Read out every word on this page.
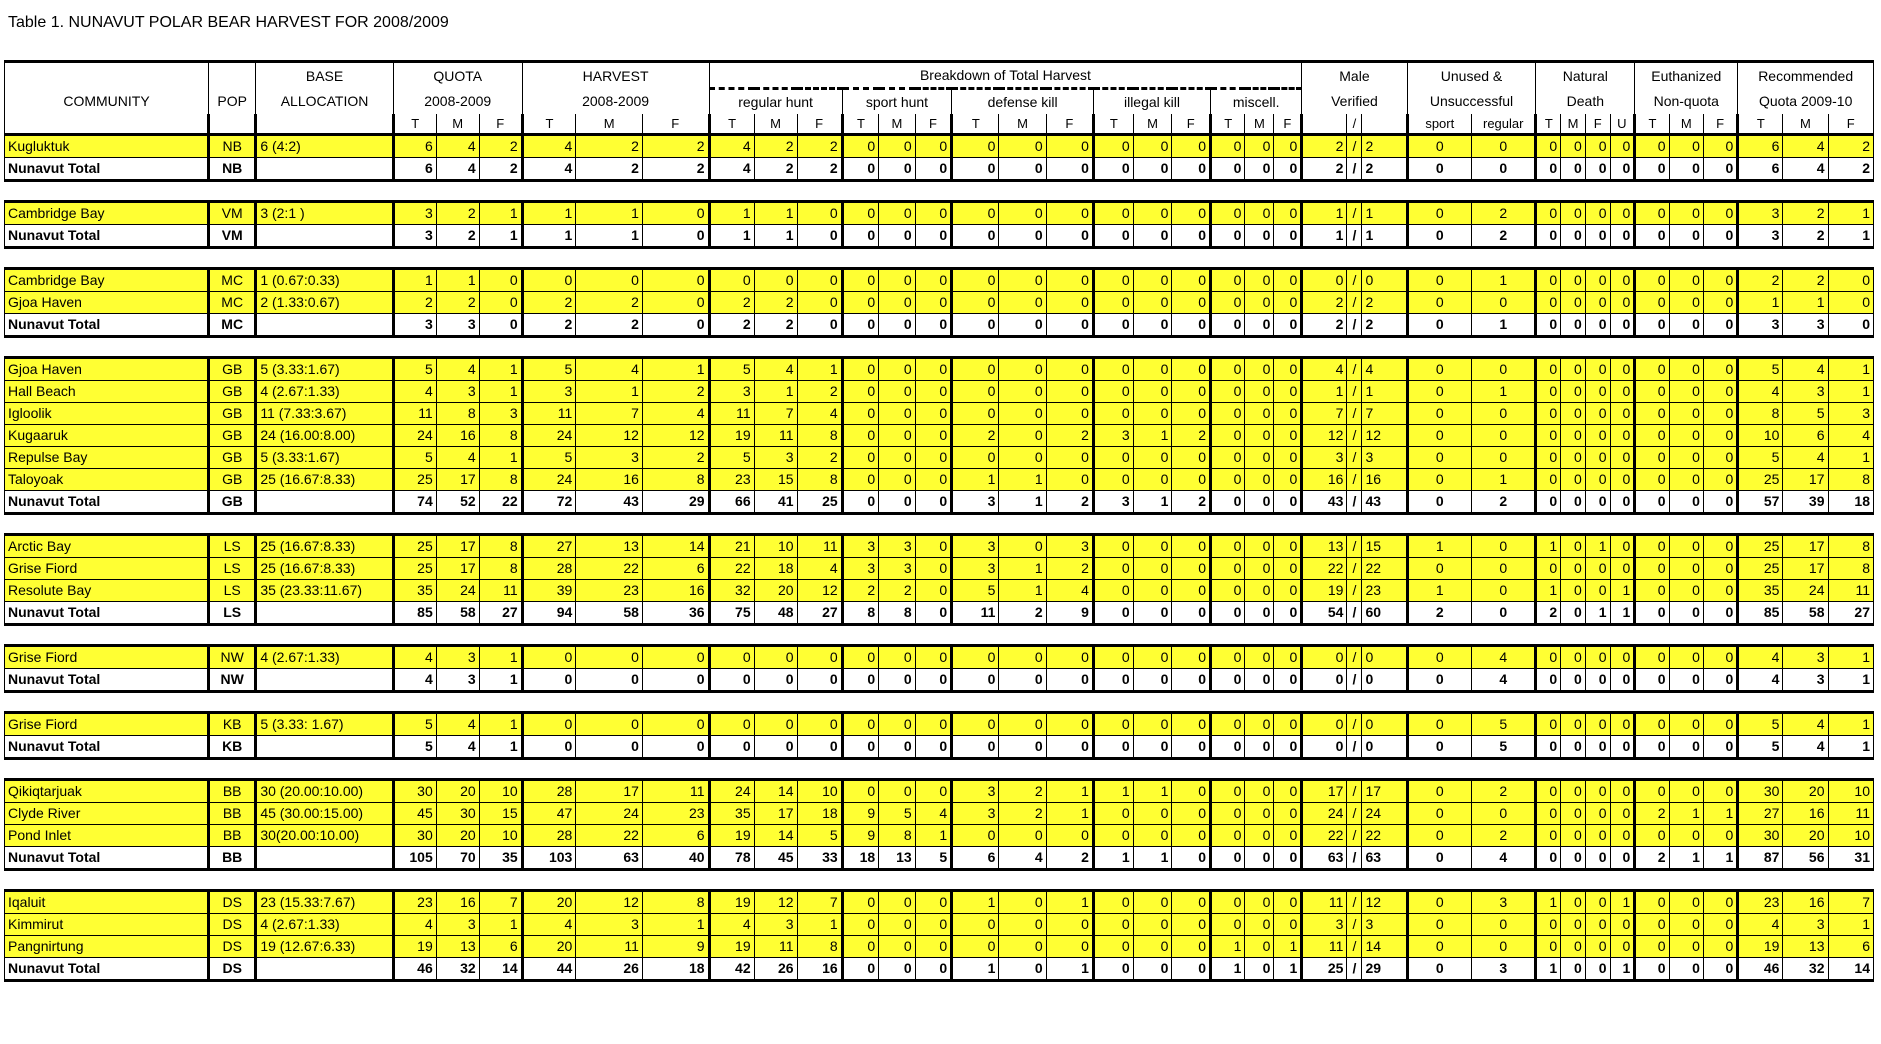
Table 1. NUNAVUT POLAR BEAR HARVEST FOR 2008/2009
		BASE	QUOTA			HARVEST			Breakdown of Total Harvest															Male			Unused &		Natural				Euthanized			Recommended		
COMMUNITY	POP	ALLOCATION	2008-2009			2008-2009			regular hunt			sport hunt			defense kill			illegal kill			miscell.			Verified			Unsuccessful		Death				Non-quota			Quota 2009-10		
			T	M	F	T	M	F	T	M	F	T	M	F	T	M	F	T	M	F	T	M	F		/		sport	regular	T	M	F	U	T	M	F	T	M	F
Kugluktuk	NB	6 (4:2)	6	4	2	4	2	2	4	2	2	0	0	0	0	0	0	0	0	0	0	0	0	2	/	2	0	0	0	0	0	0	0	0	0	6	4	2
Nunavut Total	NB		6	4	2	4	2	2	4	2	2	0	0	0	0	0	0	0	0	0	0	0	0	2	/	2	0	0	0	0	0	0	0	0	0	6	4	2

Cambridge Bay	VM	3 (2:1 )	3	2	1	1	1	0	1	1	0	0	0	0	0	0	0	0	0	0	0	0	0	1	/	1	0	2	0	0	0	0	0	0	0	3	2	1
Nunavut Total	VM		3	2	1	1	1	0	1	1	0	0	0	0	0	0	0	0	0	0	0	0	0	1	/	1	0	2	0	0	0	0	0	0	0	3	2	1

Cambridge Bay	MC	1 (0.67:0.33)	1	1	0	0	0	0	0	0	0	0	0	0	0	0	0	0	0	0	0	0	0	0	/	0	0	1	0	0	0	0	0	0	0	2	2	0
Gjoa Haven	MC	2 (1.33:0.67)	2	2	0	2	2	0	2	2	0	0	0	0	0	0	0	0	0	0	0	0	0	2	/	2	0	0	0	0	0	0	0	0	0	1	1	0
Nunavut Total	MC		3	3	0	2	2	0	2	2	0	0	0	0	0	0	0	0	0	0	0	0	0	2	/	2	0	1	0	0	0	0	0	0	0	3	3	0

Gjoa Haven	GB	5 (3.33:1.67)	5	4	1	5	4	1	5	4	1	0	0	0	0	0	0	0	0	0	0	0	0	4	/	4	0	0	0	0	0	0	0	0	0	5	4	1
Hall Beach	GB	4 (2.67:1.33)	4	3	1	3	1	2	3	1	2	0	0	0	0	0	0	0	0	0	0	0	0	1	/	1	0	1	0	0	0	0	0	0	0	4	3	1
Igloolik	GB	11 (7.33:3.67)	11	8	3	11	7	4	11	7	4	0	0	0	0	0	0	0	0	0	0	0	0	7	/	7	0	0	0	0	0	0	0	0	0	8	5	3
Kugaaruk	GB	24 (16.00:8.00)	24	16	8	24	12	12	19	11	8	0	0	0	2	0	2	3	1	2	0	0	0	12	/	12	0	0	0	0	0	0	0	0	0	10	6	4
Repulse Bay	GB	5 (3.33:1.67)	5	4	1	5	3	2	5	3	2	0	0	0	0	0	0	0	0	0	0	0	0	3	/	3	0	0	0	0	0	0	0	0	0	5	4	1
Taloyoak	GB	25 (16.67:8.33)	25	17	8	24	16	8	23	15	8	0	0	0	1	1	0	0	0	0	0	0	0	16	/	16	0	1	0	0	0	0	0	0	0	25	17	8
Nunavut Total	GB		74	52	22	72	43	29	66	41	25	0	0	0	3	1	2	3	1	2	0	0	0	43	/	43	0	2	0	0	0	0	0	0	0	57	39	18

Arctic Bay	LS	25 (16.67:8.33)	25	17	8	27	13	14	21	10	11	3	3	0	3	0	3	0	0	0	0	0	0	13	/	15	1	0	1	0	1	0	0	0	0	25	17	8
Grise Fiord	LS	25 (16.67:8.33)	25	17	8	28	22	6	22	18	4	3	3	0	3	1	2	0	0	0	0	0	0	22	/	22	0	0	0	0	0	0	0	0	0	25	17	8
Resolute Bay	LS	35 (23.33:11.67)	35	24	11	39	23	16	32	20	12	2	2	0	5	1	4	0	0	0	0	0	0	19	/	23	1	0	1	0	0	1	0	0	0	35	24	11
Nunavut Total	LS		85	58	27	94	58	36	75	48	27	8	8	0	11	2	9	0	0	0	0	0	0	54	/	60	2	0	2	0	1	1	0	0	0	85	58	27

Grise Fiord	NW	4 (2.67:1.33)	4	3	1	0	0	0	0	0	0	0	0	0	0	0	0	0	0	0	0	0	0	0	/	0	0	4	0	0	0	0	0	0	0	4	3	1
Nunavut Total	NW		4	3	1	0	0	0	0	0	0	0	0	0	0	0	0	0	0	0	0	0	0	0	/	0	0	4	0	0	0	0	0	0	0	4	3	1

Grise Fiord	KB	5 (3.33: 1.67)	5	4	1	0	0	0	0	0	0	0	0	0	0	0	0	0	0	0	0	0	0	0	/	0	0	5	0	0	0	0	0	0	0	5	4	1
Nunavut Total	KB		5	4	1	0	0	0	0	0	0	0	0	0	0	0	0	0	0	0	0	0	0	0	/	0	0	5	0	0	0	0	0	0	0	5	4	1

Qikiqtarjuak	BB	30 (20.00:10.00)	30	20	10	28	17	11	24	14	10	0	0	0	3	2	1	1	1	0	0	0	0	17	/	17	0	2	0	0	0	0	0	0	0	30	20	10
Clyde River	BB	45 (30.00:15.00)	45	30	15	47	24	23	35	17	18	9	5	4	3	2	1	0	0	0	0	0	0	24	/	24	0	0	0	0	0	0	2	1	1	27	16	11
Pond Inlet	BB	30(20.00:10.00)	30	20	10	28	22	6	19	14	5	9	8	1	0	0	0	0	0	0	0	0	0	22	/	22	0	2	0	0	0	0	0	0	0	30	20	10
Nunavut Total	BB		105	70	35	103	63	40	78	45	33	18	13	5	6	4	2	1	1	0	0	0	0	63	/	63	0	4	0	0	0	0	2	1	1	87	56	31

Iqaluit	DS	23 (15.33:7.67)	23	16	7	20	12	8	19	12	7	0	0	0	1	0	1	0	0	0	0	0	0	11	/	12	0	3	1	0	0	1	0	0	0	23	16	7
Kimmirut	DS	4 (2.67:1.33)	4	3	1	4	3	1	4	3	1	0	0	0	0	0	0	0	0	0	0	0	0	3	/	3	0	0	0	0	0	0	0	0	0	4	3	1
Pangnirtung	DS	19 (12.67:6.33)	19	13	6	20	11	9	19	11	8	0	0	0	0	0	0	0	0	0	1	0	1	11	/	14	0	0	0	0	0	0	0	0	0	19	13	6
Nunavut Total	DS		46	32	14	44	26	18	42	26	16	0	0	0	1	0	1	0	0	0	1	0	1	25	/	29	0	3	1	0	0	1	0	0	0	46	32	14
